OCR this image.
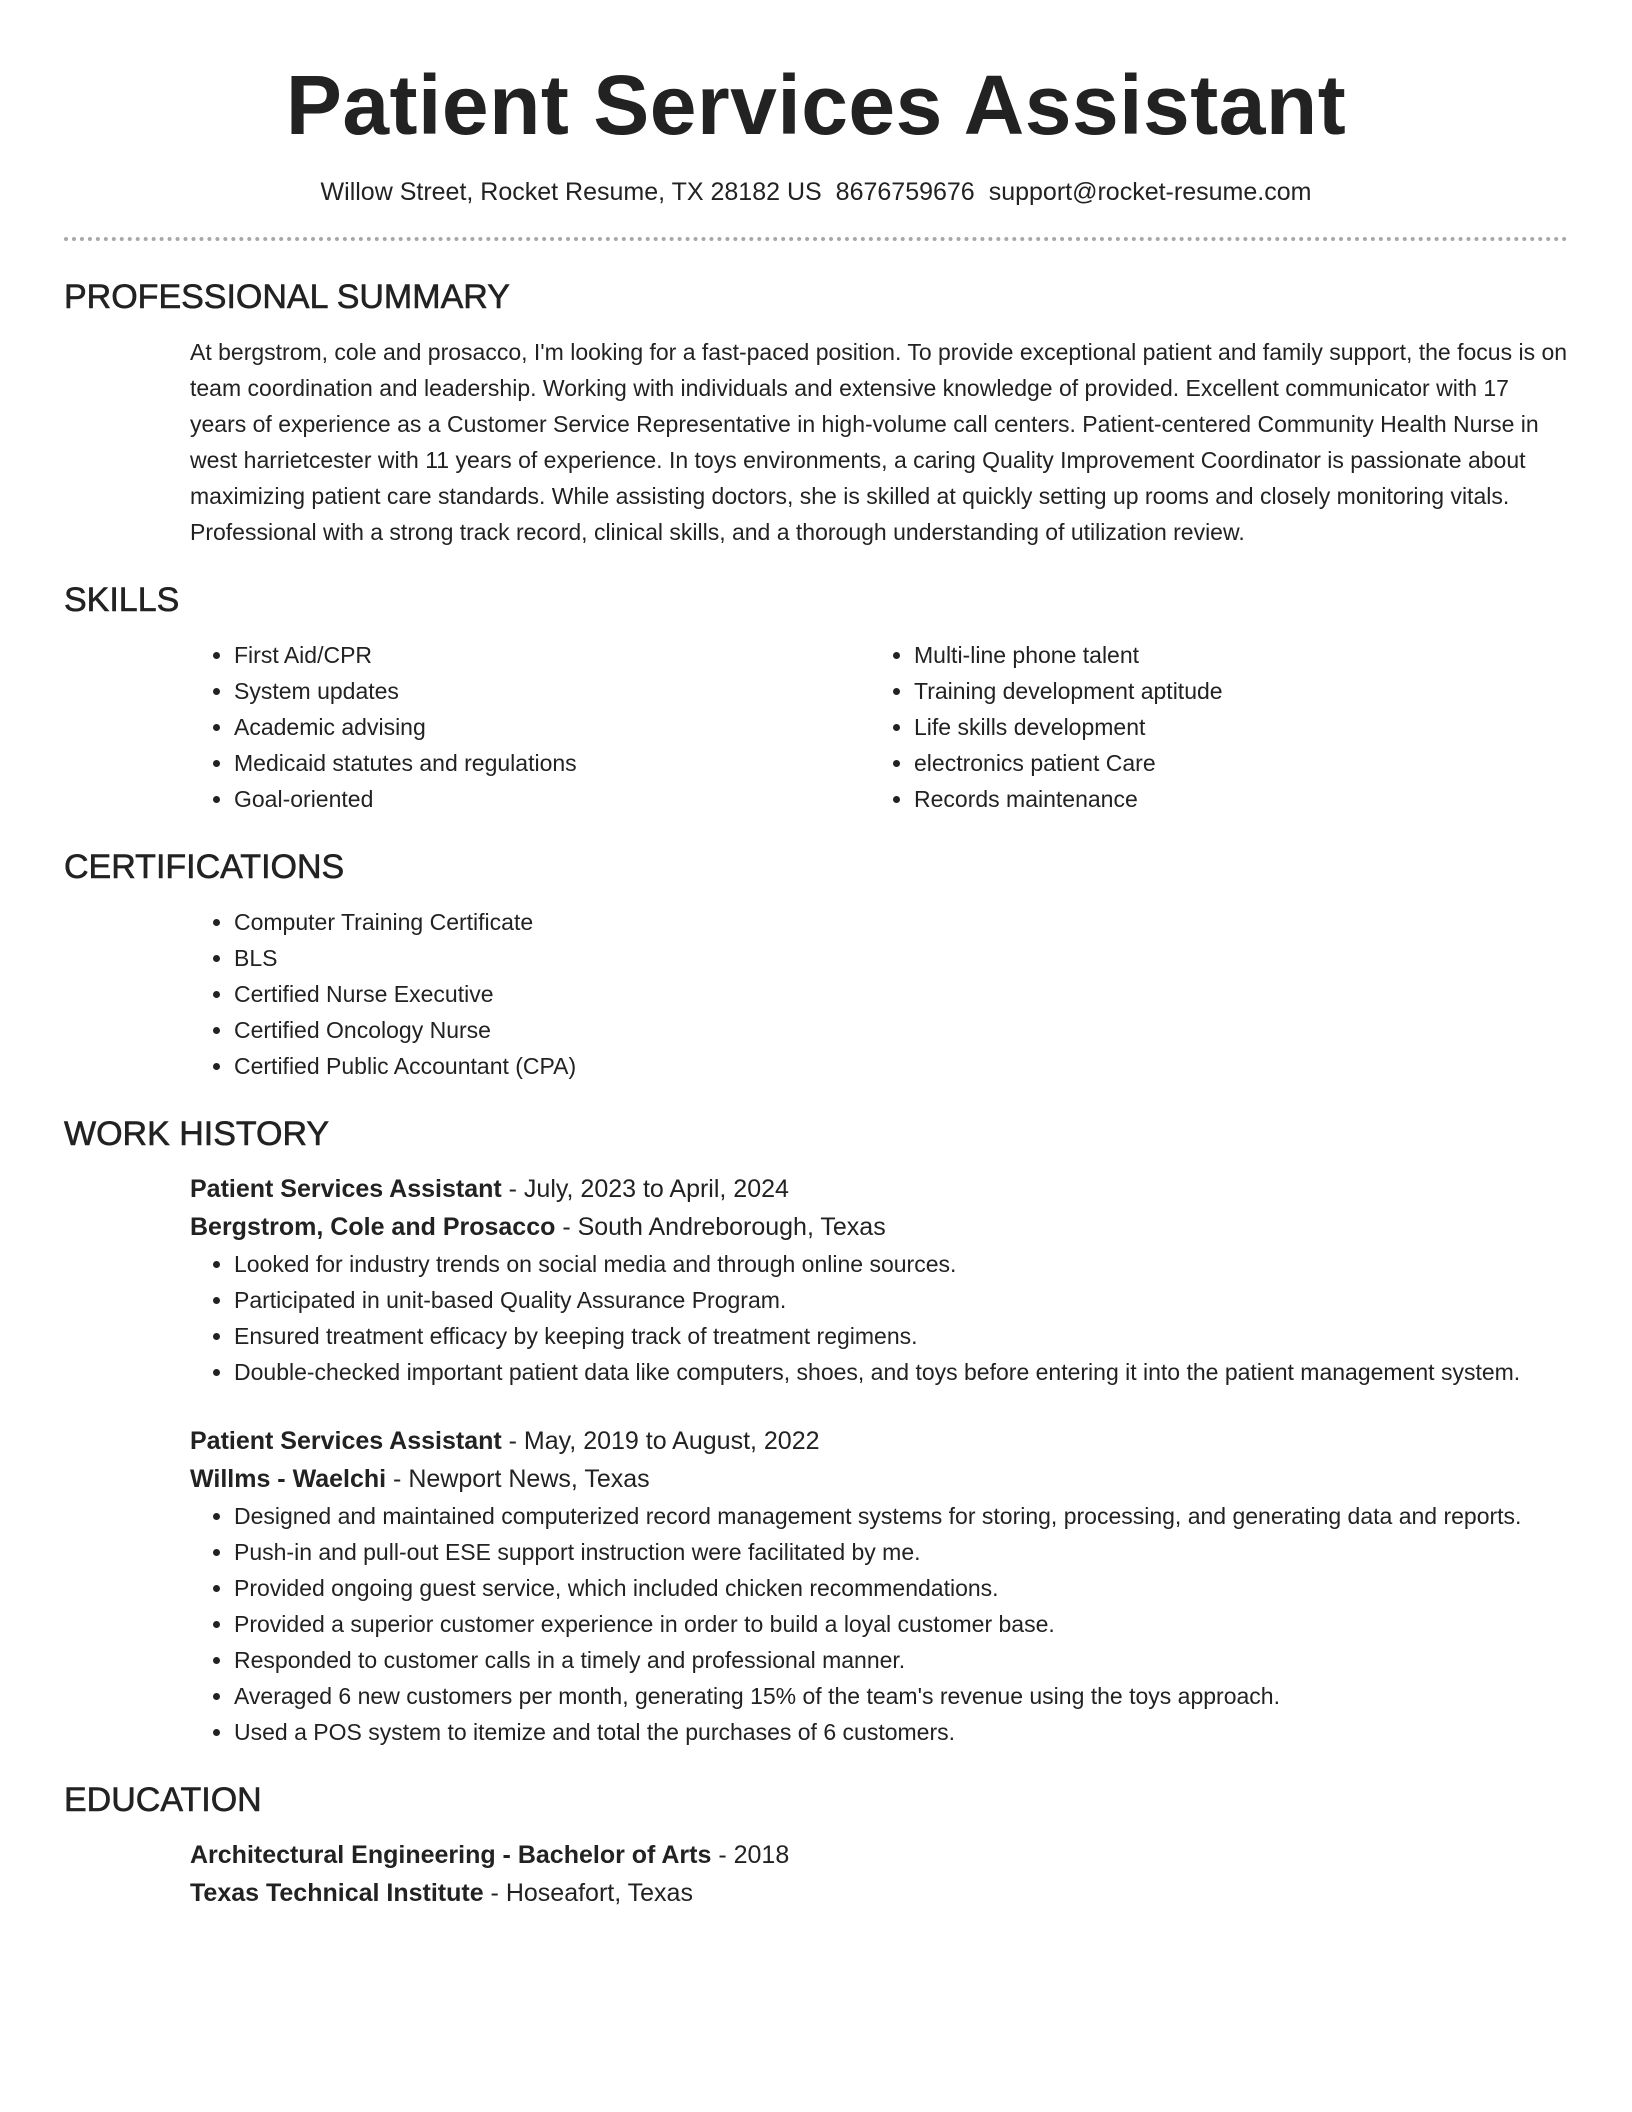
Patient Services Assistant
Willow Street, Rocket Resume, TX 28182 US 8676759676 support@rocket-resume.com
PROFESSIONAL SUMMARY

At bergstrom, cole and prosacco, I'm looking for a fast-paced position. To provide exceptional patient and family support, the focus is on team coordination and leadership. Working with individuals and extensive knowledge of provided. Excellent communicator with 17 years of experience as a Customer Service Representative in high-volume call centers. Patient-centered Community Health Nurse in west harrietcester with 11 years of experience. In toys environments, a caring Quality Improvement Coordinator is passionate about maximizing patient care standards. While assisting doctors, she is skilled at quickly setting up rooms and closely monitoring vitals. Professional with a strong track record, clinical skills, and a thorough understanding of utilization review.

SKILLS
• First Aid/CPR
• System updates
• Academic advising
• Medicaid statutes and regulations
• Goal-oriented
• Multi-line phone talent
• Training development aptitude
• Life skills development
• electronics patient Care
• Records maintenance
CERTIFICATIONS
• Computer Training Certificate
• BLS
• Certified Nurse Executive
• Certified Oncology Nurse
• Certified Public Accountant (CPA)
WORK HISTORY
Patient Services Assistant - July, 2023 to April, 2024
Bergstrom, Cole and Prosacco - South Andreborough, Texas
• Looked for industry trends on social media and through online sources.
• Participated in unit-based Quality Assurance Program.
• Ensured treatment efficacy by keeping track of treatment regimens.
• Double-checked important patient data like computers, shoes, and toys before entering it into the patient management system.
Patient Services Assistant - May, 2019 to August, 2022
Willms - Waelchi - Newport News, Texas
• Designed and maintained computerized record management systems for storing, processing, and generating data and reports.
• Push-in and pull-out ESE support instruction were facilitated by me.
• Provided ongoing guest service, which included chicken recommendations.
• Provided a superior customer experience in order to build a loyal customer base.
• Responded to customer calls in a timely and professional manner.
• Averaged 6 new customers per month, generating 15% of the team's revenue using the toys approach.
• Used a POS system to itemize and total the purchases of 6 customers.
EDUCATION
Architectural Engineering - Bachelor of Arts - 2018
Texas Technical Institute - Hoseafort, Texas
